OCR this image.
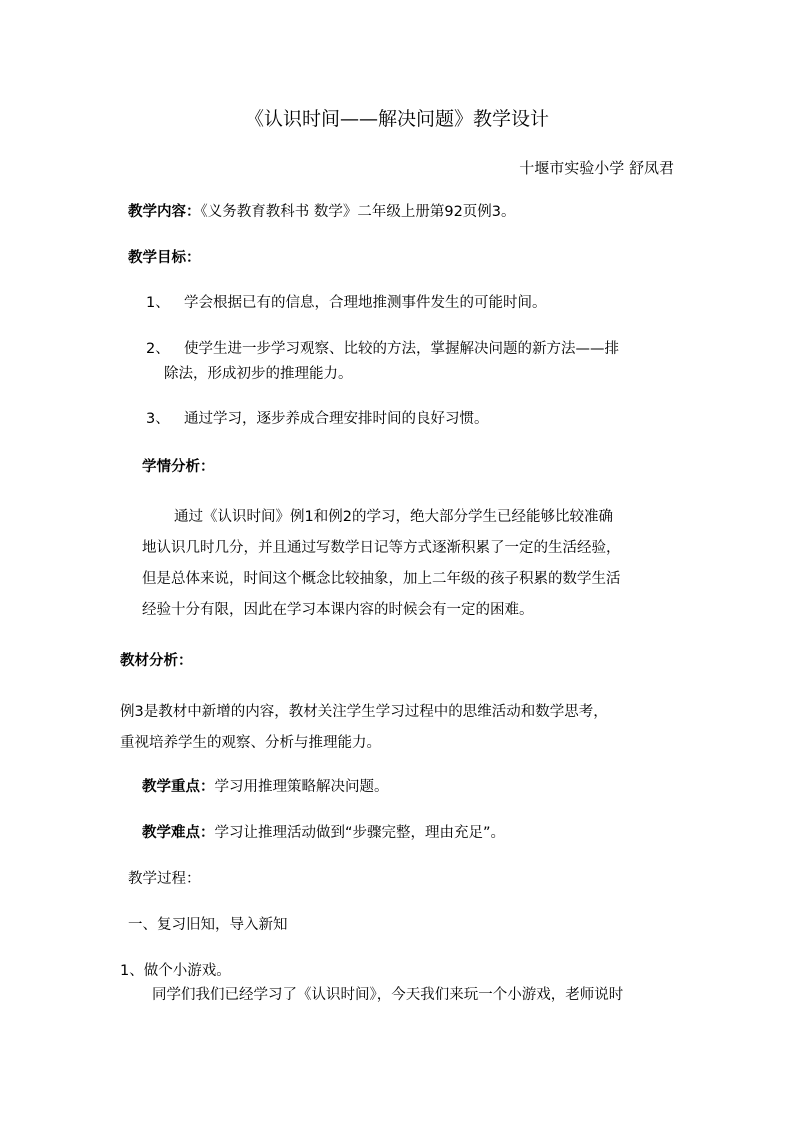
《认识时间——解决问题》教学设计
十堰市实验小学 舒凤君
教学内容：《义务教育教科书 数学》二年级上册第92页例3。
教学目标：
1、 学会根据已有的信息，合理地推测事件发生的可能时间。
2、 使学生进一步学习观察、比较的方法，掌握解决问题的新方法——排
除法，形成初步的推理能力。
3、 通过学习，逐步养成合理安排时间的良好习惯。
学情分析：
通过《认识时间》例1和例2的学习，绝大部分学生已经能够比较准确
地认识几时几分，并且通过写数学日记等方式逐渐积累了一定的生活经验，
但是总体来说，时间这个概念比较抽象，加上二年级的孩子积累的数学生活
经验十分有限，因此在学习本课内容的时候会有一定的困难。
教材分析：
例3是教材中新增的内容，教材关注学生学习过程中的思维活动和数学思考，
重视培养学生的观察、分析与推理能力。
教学重点：学习用推理策略解决问题。
教学难点：学习让推理活动做到“步骤完整，理由充足”。
教学过程：
一、复习旧知，导入新知
1、做个小游戏。
同学们我们已经学习了《认识时间》，今天我们来玩一个小游戏，老师说时
